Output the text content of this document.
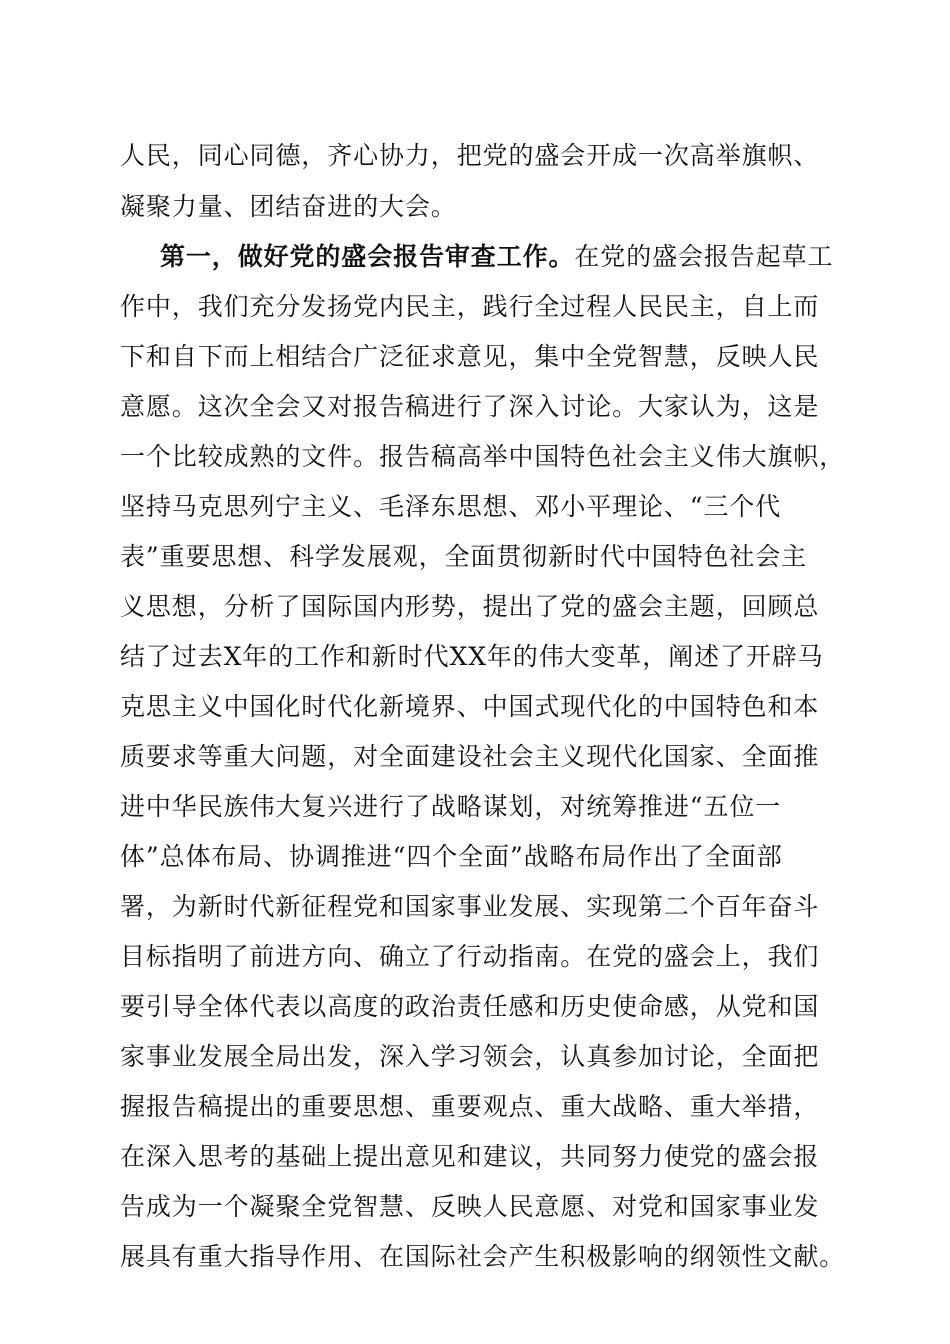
人民，同心同德，齐心协力，把党的盛会开成一次高举旗帜、
凝聚力量、团结奋进的大会。
第一，做好党的盛会报告审查工作。在党的盛会报告起草工
作中，我们充分发扬党内民主，践行全过程人民民主，自上而
下和自下而上相结合广泛征求意见，集中全党智慧，反映人民
意愿。这次全会又对报告稿进行了深入讨论。大家认为，这是
一个比较成熟的文件。报告稿高举中国特色社会主义伟大旗帜，
坚持马克思列宁主义、毛泽东思想、邓小平理论、“三个代
表”重要思想、科学发展观，全面贯彻新时代中国特色社会主
义思想，分析了国际国内形势，提出了党的盛会主题，回顾总
结了过去X年的工作和新时代XX年的伟大变革，阐述了开辟马
克思主义中国化时代化新境界、中国式现代化的中国特色和本
质要求等重大问题，对全面建设社会主义现代化国家、全面推
进中华民族伟大复兴进行了战略谋划，对统筹推进“五位一
体”总体布局、协调推进“四个全面”战略布局作出了全面部
署，为新时代新征程党和国家事业发展、实现第二个百年奋斗
目标指明了前进方向、确立了行动指南。在党的盛会上，我们
要引导全体代表以高度的政治责任感和历史使命感，从党和国
家事业发展全局出发，深入学习领会，认真参加讨论，全面把
握报告稿提出的重要思想、重要观点、重大战略、重大举措，
在深入思考的基础上提出意见和建议，共同努力使党的盛会报
告成为一个凝聚全党智慧、反映人民意愿、对党和国家事业发
展具有重大指导作用、在国际社会产生积极影响的纲领性文献。
